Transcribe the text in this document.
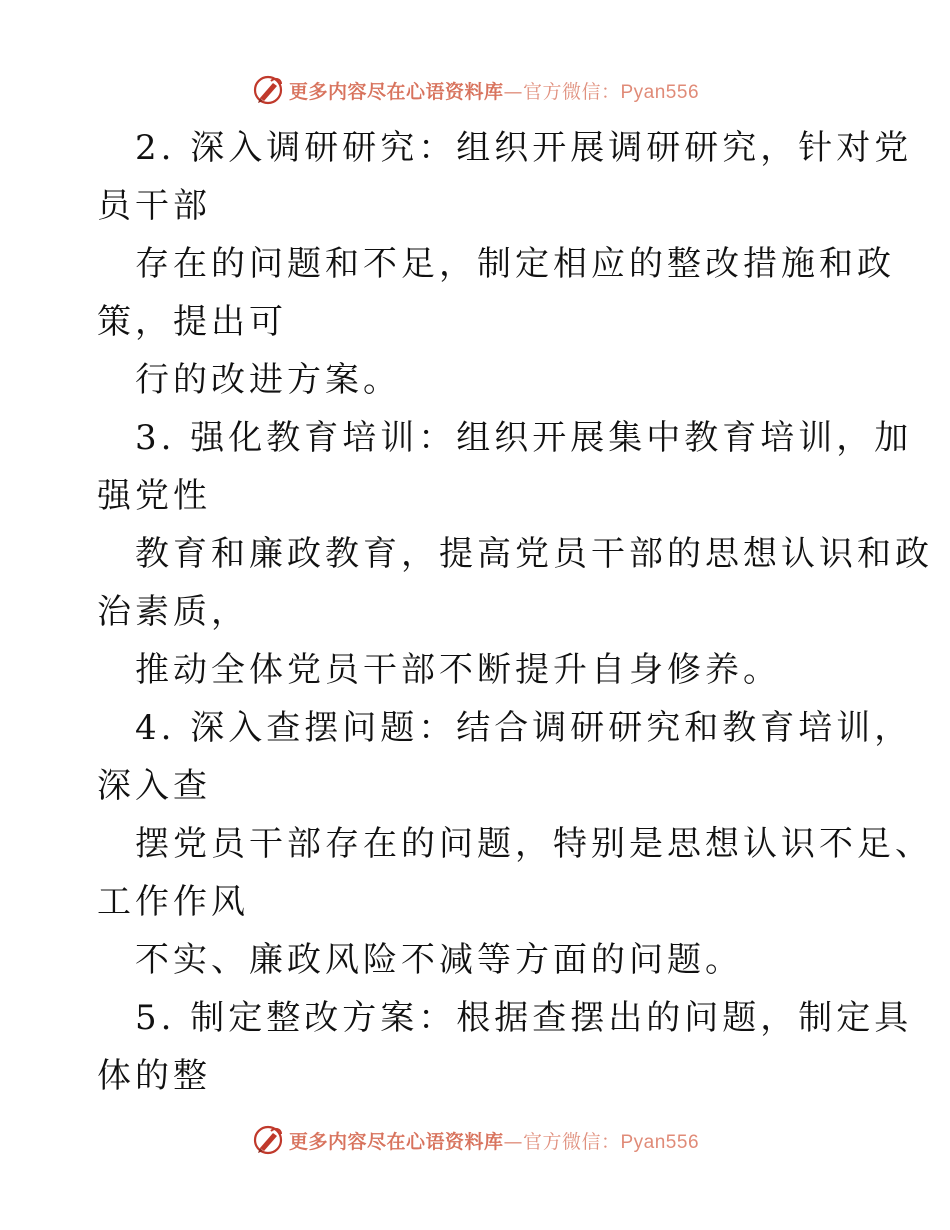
更多内容尽在心语资料库—官方微信：Pyan556
2. 深入调研研究：组织开展调研研究，针对党
员干部
存在的问题和不足，制定相应的整改措施和政
策，提出可
行的改进方案。
3. 强化教育培训：组织开展集中教育培训，加
强党性
教育和廉政教育，提高党员干部的思想认识和政
治素质，
推动全体党员干部不断提升自身修养。
4. 深入查摆问题：结合调研研究和教育培训，
深入查
摆党员干部存在的问题，特别是思想认识不足、
工作作风
不实、廉政风险不减等方面的问题。
5. 制定整改方案：根据查摆出的问题，制定具
体的整
更多内容尽在心语资料库—官方微信：Pyan556
